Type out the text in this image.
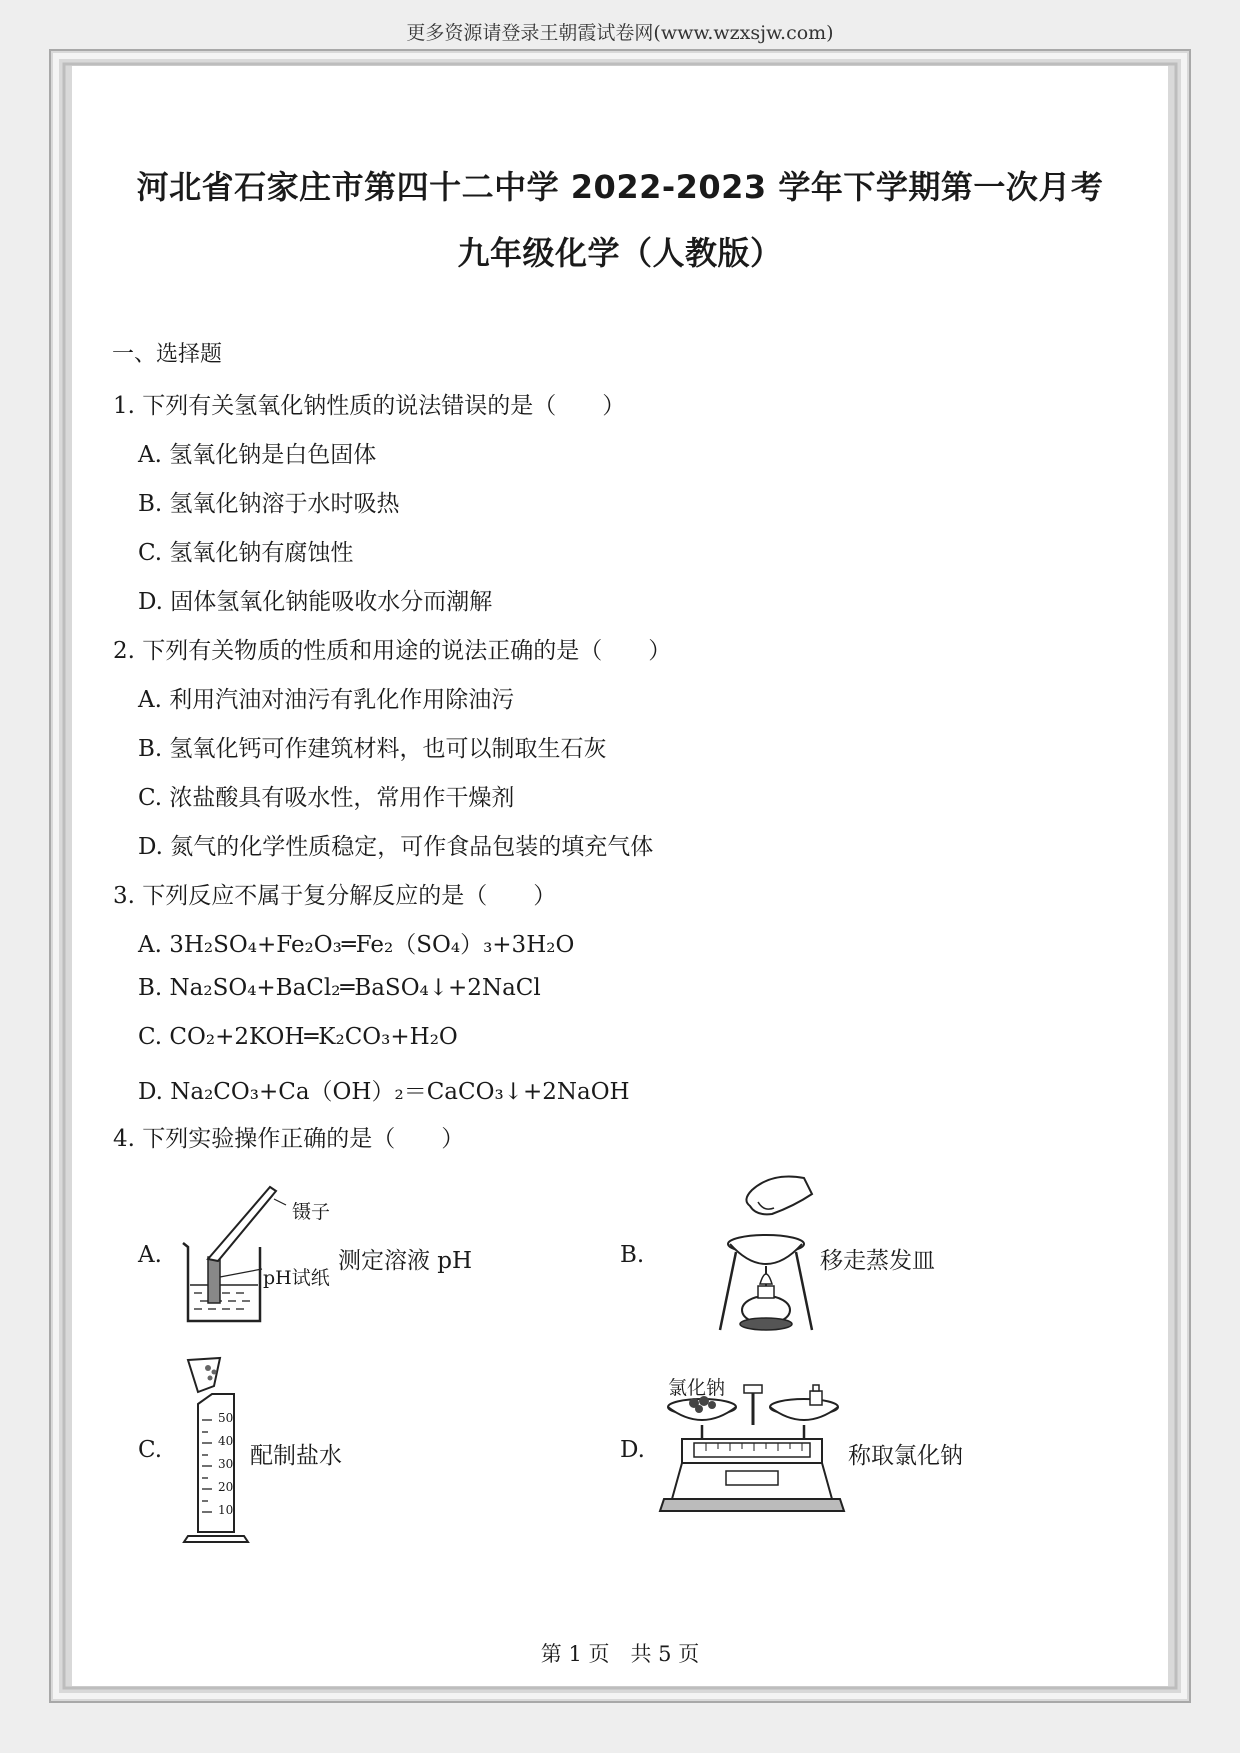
更多资源请登录王朝霞试卷网(www.wzxsjw.com)
河北省石家庄市第四十二中学 2022-2023 学年下学期第一次月考
九年级化学（人教版）
一、选择题
1. 下列有关氢氧化钠性质的说法错误的是（　　）
A. 氢氧化钠是白色固体
B. 氢氧化钠溶于水时吸热
C. 氢氧化钠有腐蚀性
D. 固体氢氧化钠能吸收水分而潮解
2. 下列有关物质的性质和用途的说法正确的是（　　）
A. 利用汽油对油污有乳化作用除油污
B. 氢氧化钙可作建筑材料，也可以制取生石灰
C. 浓盐酸具有吸水性，常用作干燥剂
D. 氮气的化学性质稳定，可作食品包装的填充气体
3. 下列反应不属于复分解反应的是（　　）
A. 3H₂SO₄+Fe₂O₃═Fe₂（SO₄）₃+3H₂O
B. Na₂SO₄+BaCl₂═BaSO₄↓+2NaCl
C. CO₂+2KOH═K₂CO₃+H₂O
D. Na₂CO₃+Ca（OH）₂＝CaCO₃↓+2NaOH
4. 下列实验操作正确的是（　　）
A.
镊子
pH试纸
测定溶液 pH	B.	移走蒸发皿
C.
50
40
30
20
10
配制盐水	D.
氯化钠
称取氯化钠
第 1 页　共 5 页
